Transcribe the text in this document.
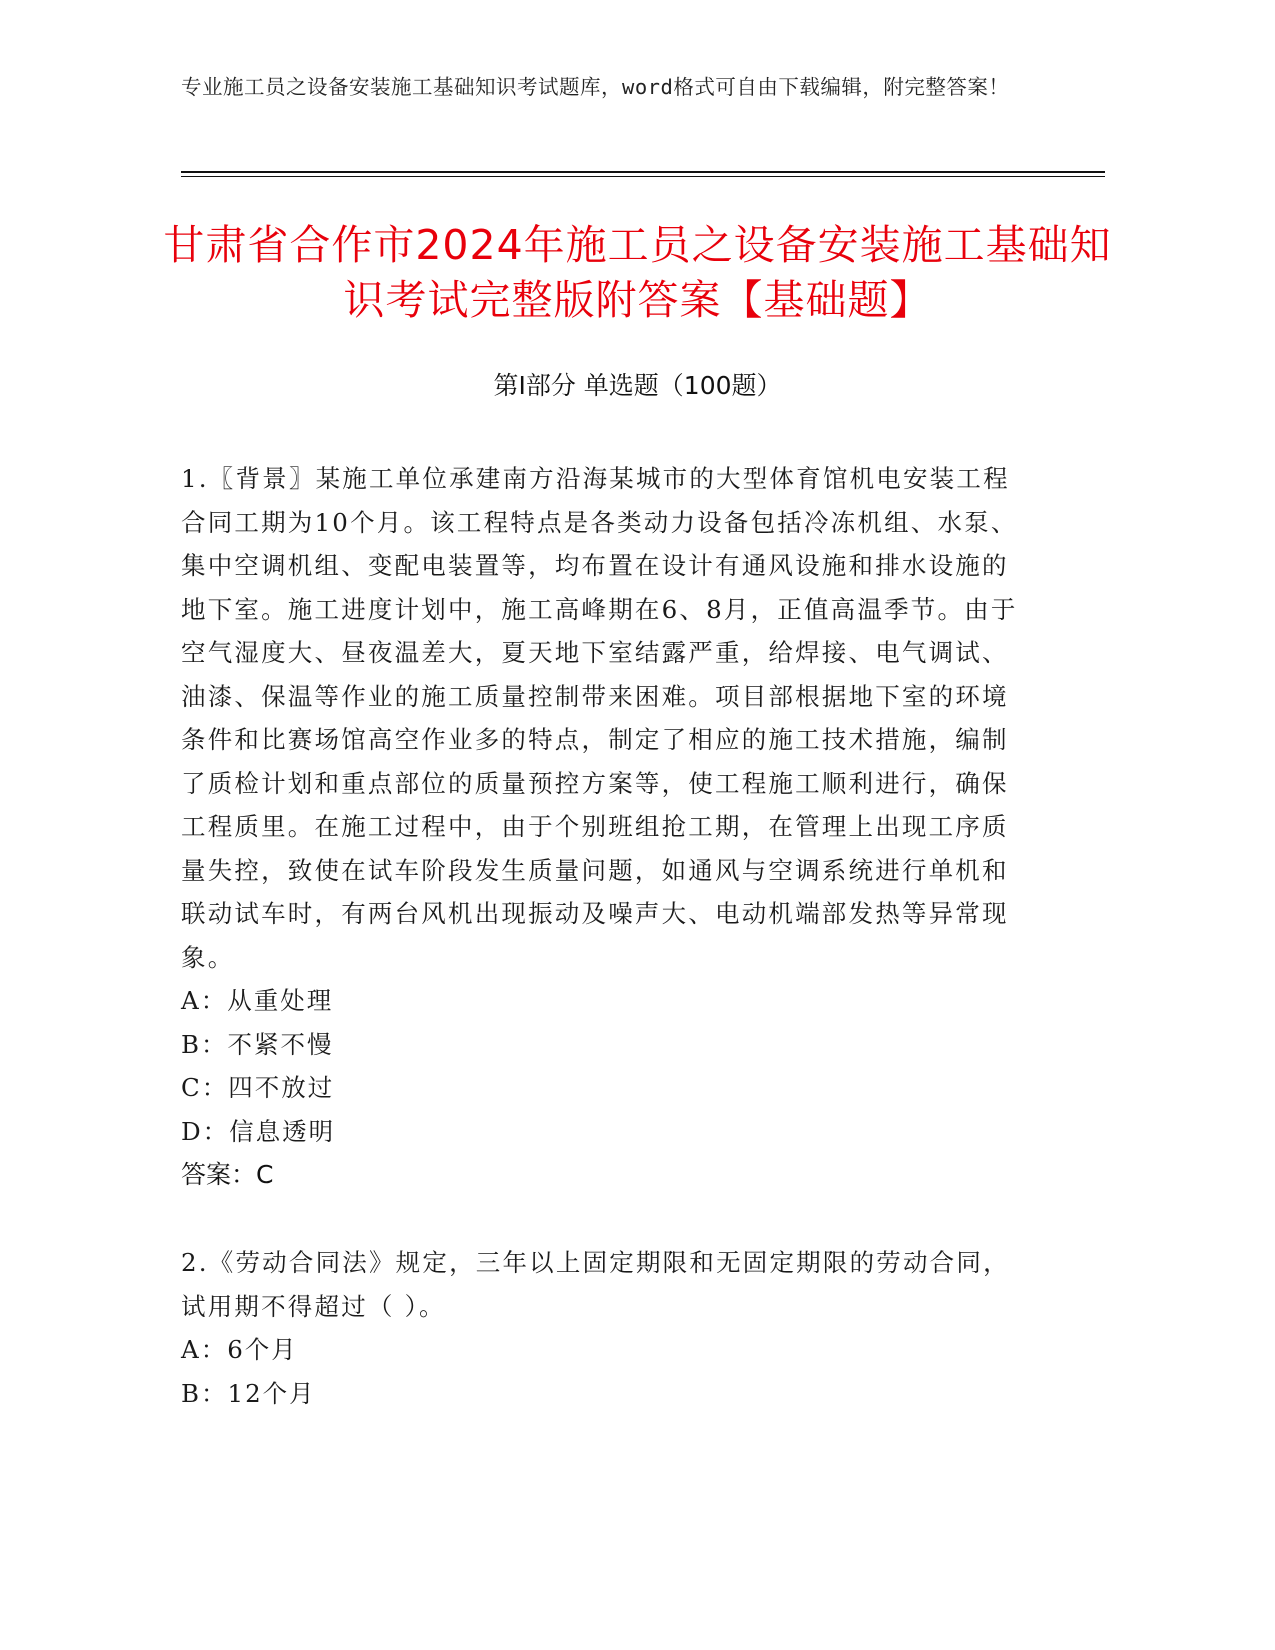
专业施工员之设备安装施工基础知识考试题库，word格式可自由下载编辑，附完整答案！
甘肃省合作市2024年施工员之设备安装施工基础知识考试完整版附答案【基础题】
第Ⅰ部分 单选题（100题）

1.〖背景〗某施工单位承建南方沿海某城市的大型体育馆机电安装工程合同工期为10个月。该工程特点是各类动力设备包括冷冻机组、水泵、集中空调机组、变配电装置等，均布置在设计有通风设施和排水设施的地下室。施工进度计划中，施工高峰期在6、8月，正值高温季节。由于空气湿度大、昼夜温差大，夏天地下室结露严重，给焊接、电气调试、油漆、保温等作业的施工质量控制带来困难。项目部根据地下室的环境条件和比赛场馆高空作业多的特点，制定了相应的施工技术措施，编制了质检计划和重点部位的质量预控方案等，使工程施工顺利进行，确保工程质里。在施工过程中，由于个别班组抢工期，在管理上出现工序质量失控，致使在试车阶段发生质量问题，如通风与空调系统进行单机和联动试车时，有两台风机出现振动及噪声大、电动机端部发热等异常现象。

A：从重处理

B：不紧不慢

C：四不放过

D：信息透明

答案：C

2.《劳动合同法》规定，三年以上固定期限和无固定期限的劳动合同，试用期不得超过（ ）。

A：6个月

B：12个月
